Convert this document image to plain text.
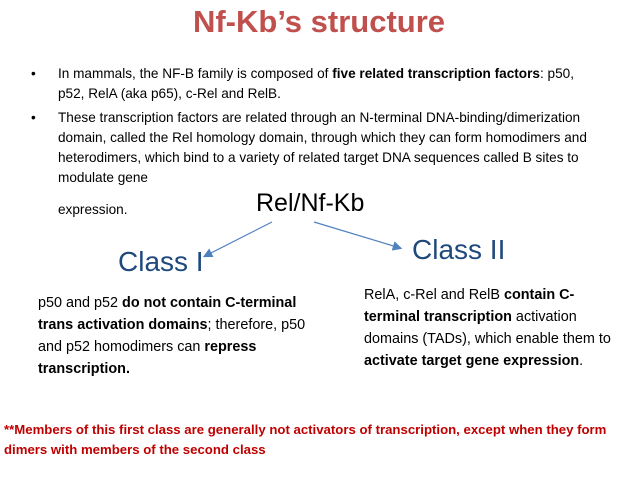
Nf-Kb’s structure
• In mammals, the NF-B family is composed of five related transcription factors: p50, p52, RelA (aka p65), c-Rel and RelB.
• These transcription factors are related through an N-terminal DNA-binding/dimerization domain, called the Rel homology domain, through which they can form homodimers and heterodimers, which bind to a variety of related target DNA sequences called B sites to modulate gene
expression.	Rel/Nf-Kb
Class I	Class II
p50 and p52 do not contain C-terminal trans activation domains; therefore, p50 and p52 homodimers can repress transcription.
RelA, c-Rel and RelB contain C-terminal transcription activation domains (TADs), which enable them to activate target gene expression.
**Members of this first class are generally not activators of transcription, except when they form dimers with members of the second class
